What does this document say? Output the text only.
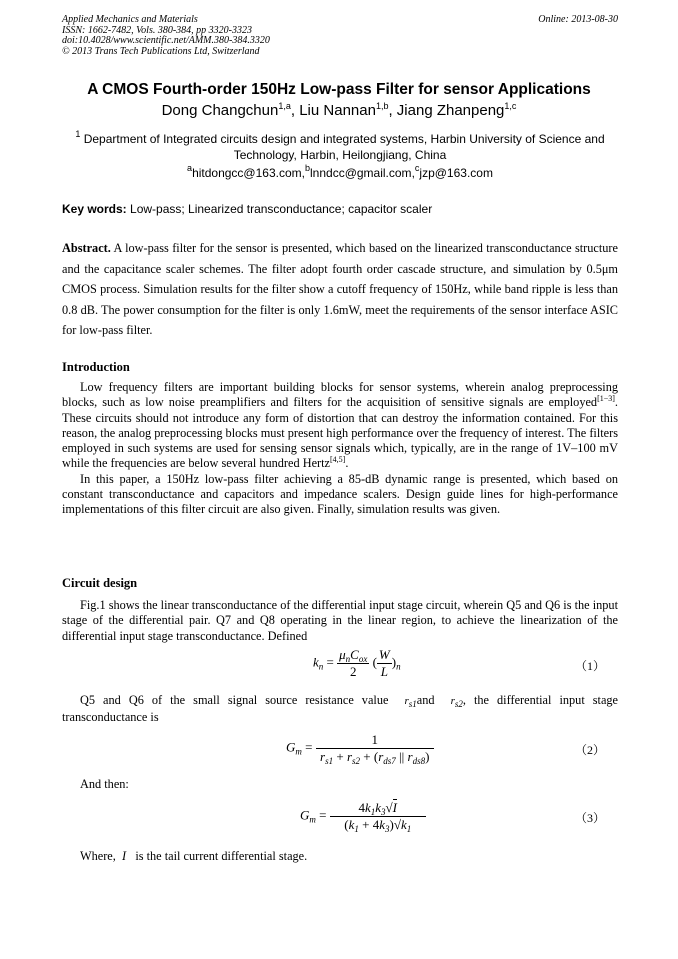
Applied Mechanics and Materials
ISSN: 1662-7482, Vols. 380-384, pp 3320-3323
doi:10.4028/www.scientific.net/AMM.380-384.3320
© 2013 Trans Tech Publications Ltd, Switzerland
Online: 2013-08-30
A CMOS Fourth-order 150Hz Low-pass Filter for sensor Applications
Dong Changchun$^{1,a}$, Liu Nannan$^{1,b}$, Jiang Zhanpeng$^{1,c}$
$^1$ Department of Integrated circuits design and integrated systems, Harbin University of Science and Technology, Harbin, Heilongjiang, China
$^a$hitdongcc@163.com,$^b$lnndcc@gmail.com,$^c$jzp@163.com
Key words: Low-pass; Linearized transconductance; capacitor scaler
Abstract. A low-pass filter for the sensor is presented, which based on the linearized transconductance structure and the capacitance scaler schemes. The filter adopt fourth order cascade structure, and simulation by 0.5μm CMOS process. Simulation results for the filter show a cutoff frequency of 150Hz, while band ripple is less than 0.8 dB. The power consumption for the filter is only 1.6mW, meet the requirements of the sensor interface ASIC for low-pass filter.
Introduction

Low frequency filters are important building blocks for sensor systems, wherein analog preprocessing blocks, such as low noise preamplifiers and filters for the acquisition of sensitive signals are employed[1−3]. These circuits should not introduce any form of distortion that can destroy the information contained. For this reason, the analog preprocessing blocks must present high performance over the frequency of interest. The filters employed in such systems are used for sensing sensor signals which, typically, are in the range of 1V–100 mV while the frequencies are below several hundred Hertz[4,5].

In this paper, a 150Hz low-pass filter achieving a 85-dB dynamic range is presented, which based on constant transconductance and capacitors and impedance scalers. Design guide lines for high-performance implementations of this filter circuit are also given. Finally, simulation results was given.

Circuit design

Fig.1 shows the linear transconductance of the differential input stage circuit, wherein Q5 and Q6 is the input stage of the differential pair. Q7 and Q8 operating in the linear region, to achieve the linearization of the differential input stage transconductance. Defined

$k_n = \frac{\mu_nC_{ox}}{2}$ ( $\frac{W}{L} )_n$	（1）
Q5 and Q6 of the small signal source resistance value $r_{s1}and$ $r_{s2}$, the differential input stage transconductance is
$G_m = \frac{1}{r_{s1} + r_{s2} + (r_{ds7} || r_{ds8})}$	（2）
And then:
$G_m = \frac{4k_1k_3√I}{(k_1 + 4k_3)√k_1}$	（3）
Where, I is the tail current differential stage.
